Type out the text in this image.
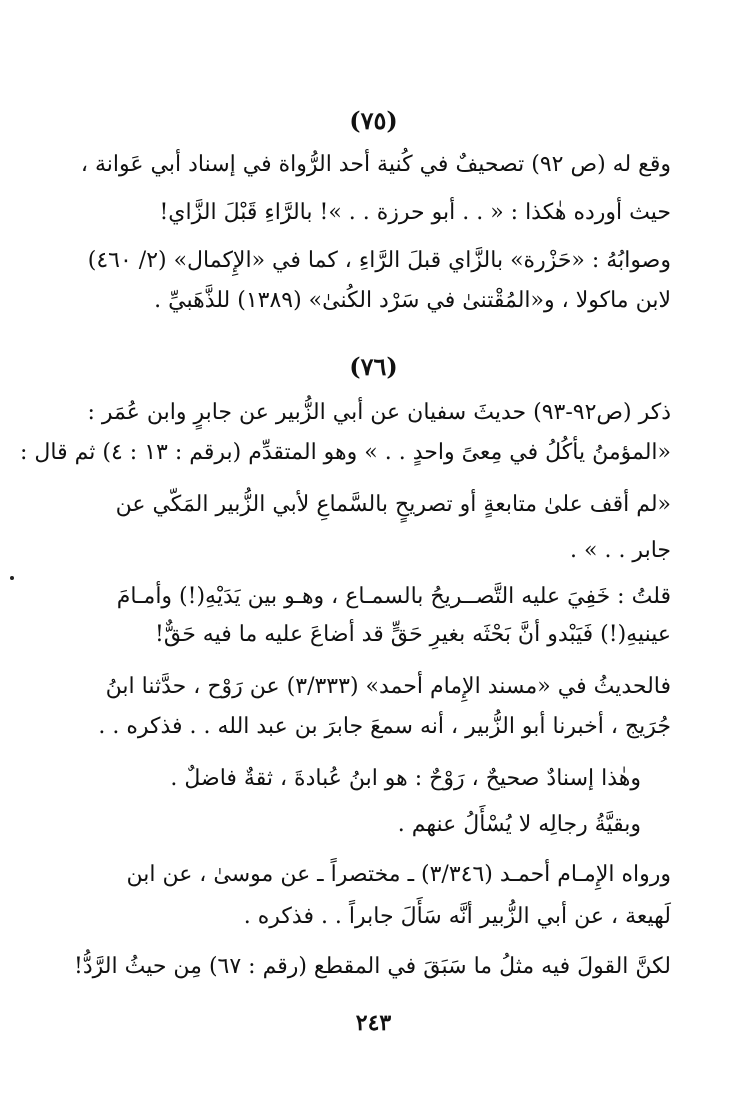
(٧٥)
وقع له (ص ٩٢) تصحيفٌ في كُنية أحد الرُّواة في إسناد أبي عَوانة ،
حيث أورده هٰكذا : « . . أبو حرزة . . »! بالرَّاءِ قَبْلَ الزَّاي!
وصوابُهُ : «حَزْرة» بالزَّاي قبلَ الرَّاءِ ، كما في «الإِكمال» (٢/ ٤٦٠)
لابن ماكولا ، و«المُقْتنىٰ في سَرْد الكُنىٰ» (١٣٨٩) للذَّهَبيِّ .
(٧٦)
ذكر (ص٩٢-٩٣) حديثَ سفيان عن أبي الزُّبير عن جابرٍ وابن عُمَر :
«المؤمنُ يأكُلُ في مِعىً واحدٍ . . » وهو المتقدِّم (برقم : ١٣ : ٤) ثم قال :
«لم أقف علىٰ متابعةٍ أو تصريحٍ بالسَّماعِ لأبي الزُّبير المَكّي عن
جابر . . » .
قلتُ : خَفِيَ عليه التَّصــريحُ بالسمـاع ، وهـو بين يَدَيْهِ(!) وأمـامَ
عينيهِ(!) فَيَبْدو أنَّ بَحْثَه بغيرِ حَقٍّ قد أضاعَ عليه ما فيه حَقٌّ!
فالحديثُ في «مسند الإِمام أحمد» (٣/٣٣٣) عن رَوْح ، حدَّثنا ابنُ
جُرَيج ، أخبرنا أبو الزُّبير ، أنه سمعَ جابرَ بن عبد الله . . فذكره . .
وهٰذا إسنادٌ صحيحٌ ، رَوْحٌ : هو ابنُ عُبادةَ ، ثقةٌ فاضلٌ .
وبقيَّةُ رجالِه لا يُسْأَلُ عنهم .
ورواه الإِمـام أحمـد (٣/٣٤٦) ـ مختصراً ـ عن موسىٰ ، عن ابن
لَهيعة ، عن أبي الزُّبير أنَّه سَأَلَ جابراً . . فذكره .
لكنَّ القولَ فيه مثلُ ما سَبَقَ في المقطع (رقم : ٦٧) مِن حيثُ الرَّدُّ!
٢٤٣
